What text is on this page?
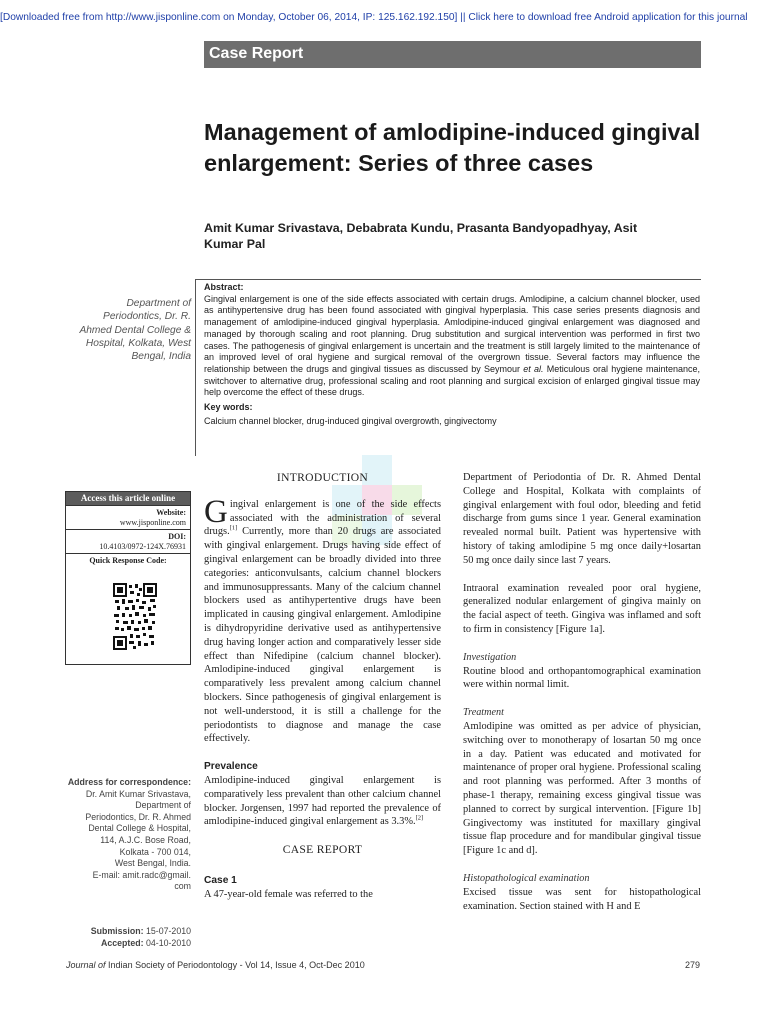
[Downloaded free from http://www.jisponline.com on Monday, October 06, 2014, IP: 125.162.192.150] || Click here to download free Android application for this journal
Case Report
Management of amlodipine-induced gingival enlargement: Series of three cases

Amit Kumar Srivastava, Debabrata Kundu, Prasanta Bandyopadhyay, Asit Kumar Pal

Department of Periodontics, Dr. R. Ahmed Dental College & Hospital, Kolkata, West Bengal, India

Abstract:

Gingival enlargement is one of the side effects associated with certain drugs. Amlodipine, a calcium channel blocker, used as antihypertensive drug has been found associated with gingival hyperplasia. This case series presents diagnosis and management of amlodipine-induced gingival hyperplasia. Amlodipine-induced gingival enlargement was diagnosed and managed by thorough scaling and root planning. Drug substitution and surgical intervention was performed in first two cases. The pathogenesis of gingival enlargement is uncertain and the treatment is still largely limited to the maintenance of an improved level of oral hygiene and surgical removal of the overgrown tissue. Several factors may influence the relationship between the drugs and gingival tissues as discussed by Seymour et al. Meticulous oral hygiene maintenance, switchover to alternative drug, professional scaling and root planning and surgical excision of enlarged gingival tissue may help overcome the effect of these drugs.

Key words:

Calcium channel blocker, drug-induced gingival overgrowth, gingivectomy

Access this article online
Website:
www.jisponline.com
DOI:
10.4103/0972-124X.76931
Quick Response Code:
Address for correspondence:
Dr. Amit Kumar Srivastava,
Department of
Periodontics, Dr. R. Ahmed
Dental College & Hospital,
114, A.J.C. Bose Road,
Kolkata - 700 014,
West Bengal, India.
E-mail: amit.radc@gmail.
com
Submission: 15-07-2010
Accepted: 04-10-2010

INTRODUCTION

Gingival enlargement is one of the side effects associated with the administration of several drugs.[1] Currently, more than 20 drugs are associated with gingival enlargement. Drugs having side effect of gingival enlargement can be broadly divided into three categories: anticonvulsants, calcium channel blockers and immunosuppressants. Many of the calcium channel blockers used as antihypertentive drugs have been implicated in causing gingival enlargement. Amlodipine is dihydropyridine derivative used as antihypertensive drug having longer action and comparatively lesser side effect than Nifedipine (calcium channel blocker). Amlodipine-induced gingival enlargement is comparatively less prevalent among calcium channel blockers. Since pathogenesis of gingival enlargement is not well-understood, it is still a challenge for the periodontists to diagnose and manage the case effectively.

Prevalence

Amlodipine-induced gingival enlargement is comparatively less prevalent than other calcium channel blocker. Jorgensen, 1997 had reported the prevalence of amlodipine-induced gingival enlargement as 3.3%.[2]

CASE REPORT

Case 1

A 47-year-old female was referred to the

Department of Periodontia of Dr. R. Ahmed Dental College and Hospital, Kolkata with complaints of gingival enlargement with foul odor, bleeding and fetid discharge from gums since 1 year. General examination revealed normal built. Patient was hypertensive with history of taking amlodipine 5 mg once daily+losartan 50 mg once daily since last 7 years.

Intraoral examination revealed poor oral hygiene, generalized nodular enlargement of gingiva mainly on the facial aspect of teeth. Gingiva was inflamed and soft to firm in consistency [Figure 1a].

Investigation

Routine blood and orthopantomographical examination were within normal limit.

Treatment

Amlodipine was omitted as per advice of physician, switching over to monotherapy of losartan 50 mg once in a day. Patient was educated and motivated for maintenance of proper oral hygiene. Professional scaling and root planning was performed. After 3 months of phase-1 therapy, remaining excess gingival tissue was planned to correct by surgical intervention. [Figure 1b] Gingivectomy was instituted for maxillary gingival tissue flap procedure and for mandibular gingival tissue [Figure 1c and d].

Histopathological examination

Excised tissue was sent for histopathological examination. Section stained with H and E

Journal of Indian Society of Periodontology - Vol 14, Issue 4, Oct-Dec 2010	279
